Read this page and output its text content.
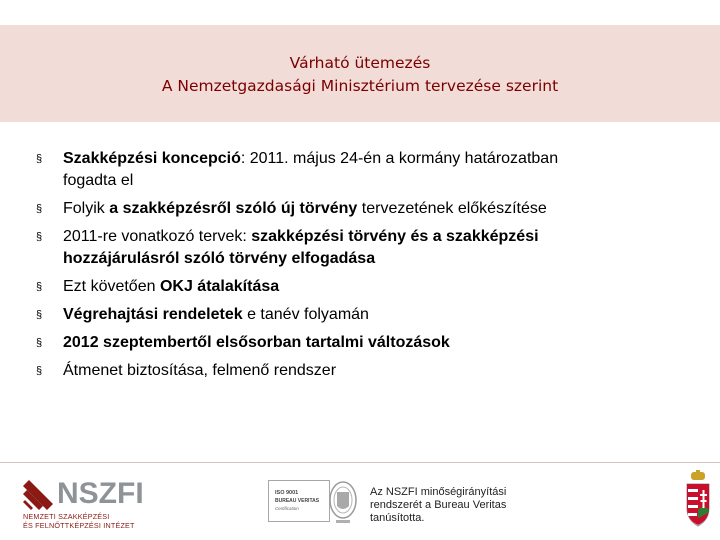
Várható ütemezés
A Nemzetgazdasági Minisztérium tervezése szerint
§ Szakképzési koncepció: 2011. május 24-én a kormány határozatban
fogadta el
§ Folyik a szakképzésről szóló új törvény tervezetének előkészítése
§ 2011-re vonatkozó tervek: szakképzési törvény és a szakképzési
hozzájárulásról szóló törvény elfogadása
§ Ezt követően OKJ átalakítása
§ Végrehajtási rendeletek e tanév folyamán
§ 2012 szeptembertől elsősorban tartalmi változások
§ Átmenet biztosítása, felmenő rendszer
NSZFI
NEMZETI SZAKKÉPZÉSI
ÉS FELNŐTTKÉPZÉSI INTÉZET
ISO 9001
BUREAU VERITAS
Certification
Az NSZFI minőségirányítási
rendszerét a Bureau Veritas
tanúsította.
